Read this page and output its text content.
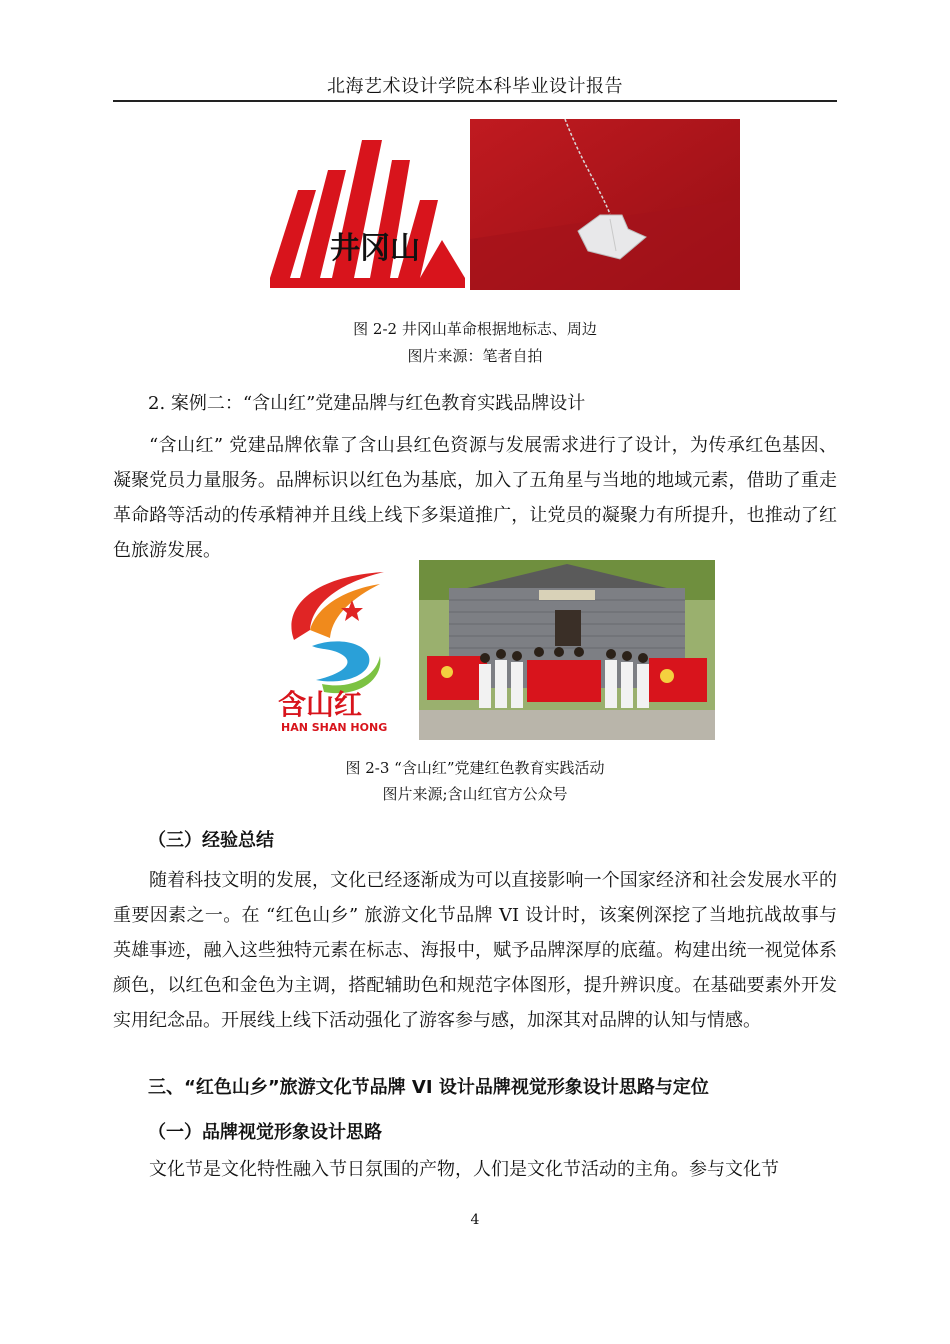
北海艺术设计学院本科毕业设计报告
井冈山
图 2-2 井冈山革命根据地标志、周边
图片来源：笔者自拍
2. 案例二：“含山红”党建品牌与红色教育实践品牌设计
“含山红” 党建品牌依靠了含山县红色资源与发展需求进行了设计，为传承红色基因、凝聚党员力量服务。品牌标识以红色为基底，加入了五角星与当地的地域元素，借助了重走革命路等活动的传承精神并且线上线下多渠道推广，让党员的凝聚力有所提升，也推动了红色旅游发展。
含山红
HAN SHAN HONG
图 2-3 “含山红”党建红色教育实践活动
图片来源;含山红官方公众号
（三）经验总结
随着科技文明的发展，文化已经逐渐成为可以直接影响一个国家经济和社会发展水平的重要因素之一。在 “红色山乡” 旅游文化节品牌 VI 设计时，该案例深挖了当地抗战故事与英雄事迹，融入这些独特元素在标志、海报中，赋予品牌深厚的底蕴。构建出统一视觉体系颜色，以红色和金色为主调，搭配辅助色和规范字体图形，提升辨识度。在基础要素外开发实用纪念品。开展线上线下活动强化了游客参与感，加深其对品牌的认知与情感。
三、“红色山乡”旅游文化节品牌 VI 设计品牌视觉形象设计思路与定位
（一）品牌视觉形象设计思路
文化节是文化特性融入节日氛围的产物，人们是文化节活动的主角。参与文化节
4
